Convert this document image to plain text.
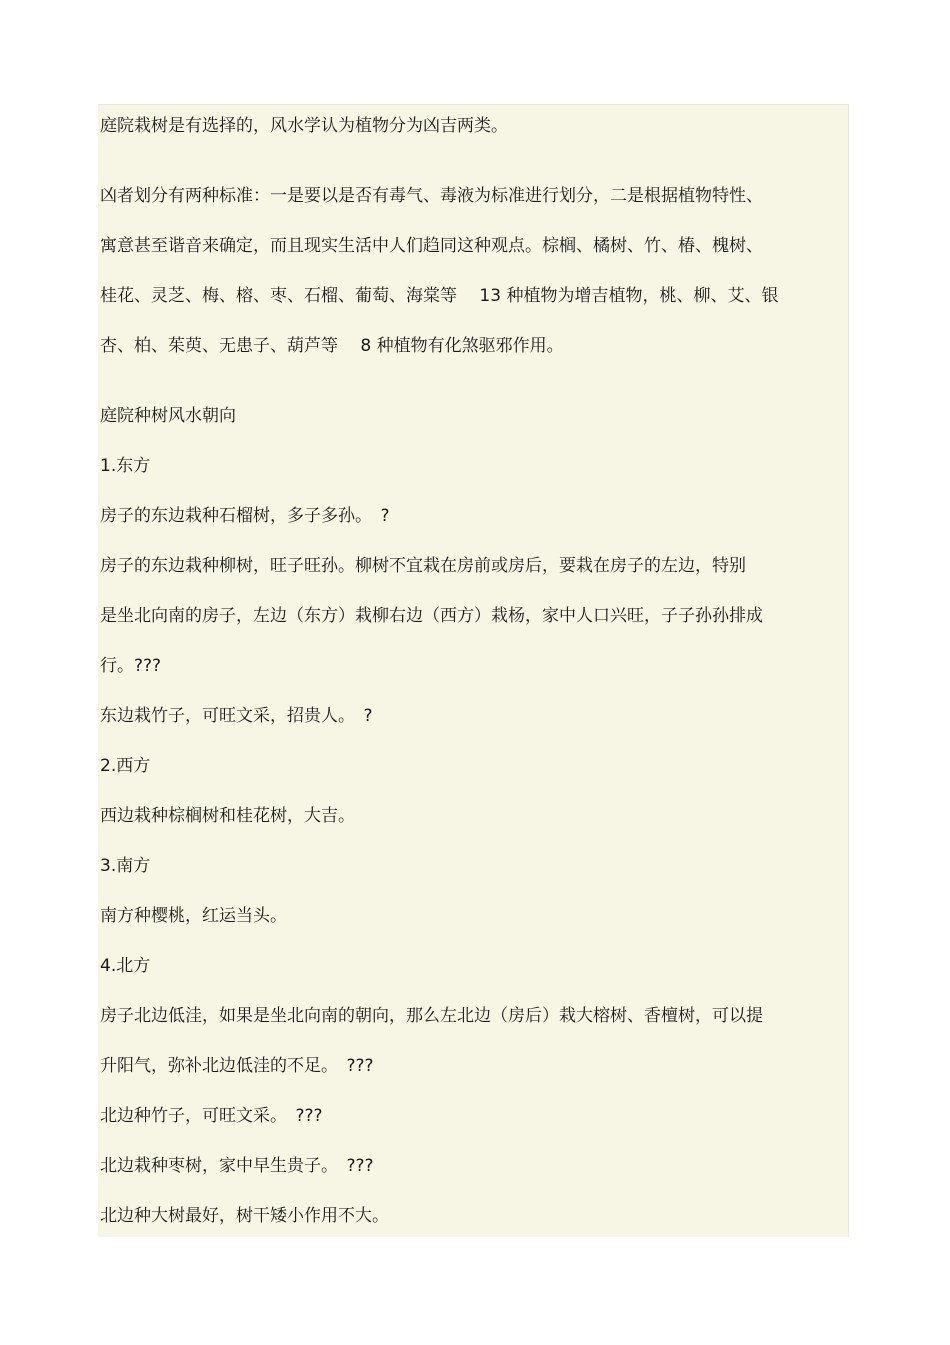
庭院栽树是有选择的，风水学认为植物分为凶吉两类。
凶者划分有两种标准：一是要以是否有毒气、毒液为标准进行划分，二是根据植物特性、
寓意甚至谐音来确定，而且现实生活中人们趋同这种观点。棕榈、橘树、竹、椿、槐树、
桂花、灵芝、梅、榕、枣、石榴、葡萄、海棠等　 13 种植物为增吉植物，桃、柳、艾、银
杏、柏、茱萸、无患子、葫芦等　 8 种植物有化煞驱邪作用。
庭院种树风水朝向
1.东方
房子的东边栽种石榴树，多子多孙。　?
房子的东边栽种柳树，旺子旺孙。柳树不宜栽在房前或房后，要栽在房子的左边，特别
是坐北向南的房子，左边（东方）栽柳右边（西方）栽杨，家中人口兴旺，子子孙孙排成
行。???
东边栽竹子，可旺文采，招贵人。　?
2.西方
西边栽种棕榈树和桂花树，大吉。
3.南方
南方种樱桃，红运当头。
4.北方
房子北边低洼，如果是坐北向南的朝向，那么左北边（房后）栽大榕树、香檀树，可以提
升阳气，弥补北边低洼的不足。　???
北边种竹子，可旺文采。　???
北边栽种枣树，家中早生贵子。　???
北边种大树最好，树干矮小作用不大。
